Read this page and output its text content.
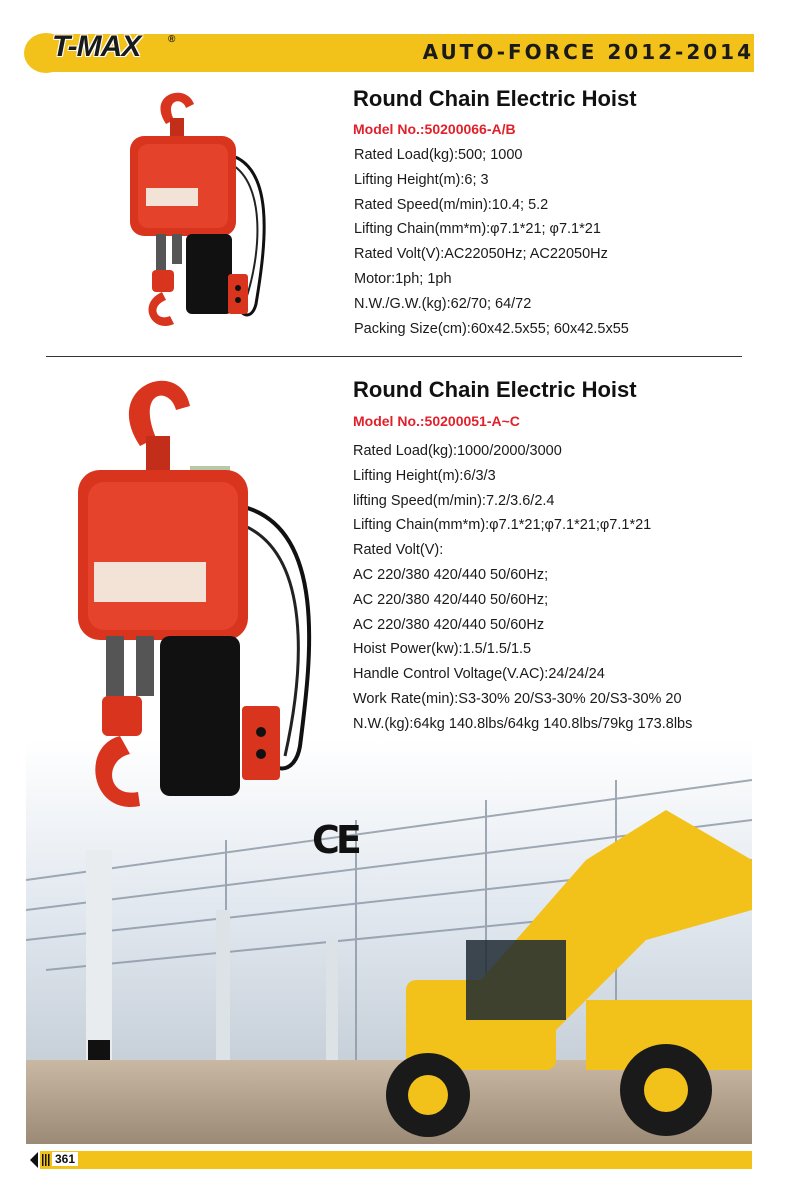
T-MAX	®
AUTO-FORCE 2012-2014
Round Chain Electric Hoist
Model No.:50200066-A/B
Rated Load(kg):500; 1000
Lifting Height(m):6; 3
Rated Speed(m/min):10.4; 5.2
Lifting Chain(mm*m):φ7.1*21; φ7.1*21
Rated Volt(V):AC22050Hz; AC22050Hz
Motor:1ph; 1ph
N.W./G.W.(kg):62/70; 64/72
Packing Size(cm):60x42.5x55; 60x42.5x55
Round Chain Electric Hoist
Model No.:50200051-A~C
Rated Load(kg):1000/2000/3000
Lifting Height(m):6/3/3
lifting Speed(m/min):7.2/3.6/2.4
Lifting Chain(mm*m):φ7.1*21;φ7.1*21;φ7.1*21
Rated Volt(V):
AC 220/380 420/440 50/60Hz;
AC 220/380 420/440 50/60Hz;
AC 220/380 420/440 50/60Hz
Hoist Power(kw):1.5/1.5/1.5
Handle Control Voltage(V.AC):24/24/24
Work Rate(min):S3-30% 20/S3-30% 20/S3-30% 20
N.W.(kg):64kg 140.8lbs/64kg 140.8lbs/79kg 173.8lbs
CE
361
